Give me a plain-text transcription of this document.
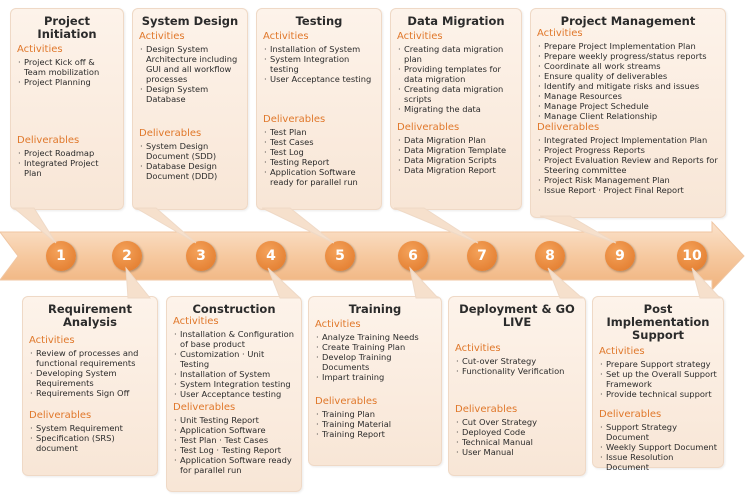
Project Initiation
Activities
· Project Kick off & Team mobilization
· Project Planning
Deliverables
· Project Roadmap
· Integrated Project Plan
System Design
Activities
· Design System Architecture including GUI and all workflow processes
· Design System Database
Deliverables
· System Design Document (SDD)
· Database Design Document (DDD)
Testing
Activities
· Installation of System
· System Integration testing
· User Acceptance testing
Deliverables
· Test Plan
· Test Cases
· Test Log
· Testing Report
· Application Software ready for parallel run
Data Migration
Activities
· Creating data migration plan
· Providing templates for data migration
· Creating data migration scripts
· Migrating the data
Deliverables
· Data Migration Plan
· Data Migration Template
· Data Migration Scripts
· Data Migration Report
Project Management
Activities
· Prepare Project Implementation Plan
· Prepare weekly progress/status reports
· Coordinate all work streams
· Ensure quality of deliverables
· Identify and mitigate risks and issues
· Manage Resources
· Manage Project Schedule
· Manage Client Relationship
Deliverables
· Integrated Project Implementation Plan
· Project Progress Reports
· Project Evaluation Review and Reports for Steering committee
· Project Risk Management Plan
· Issue Report · Project Final Report
1	2	3	4	5	6	7	8	9	10
Requirement Analysis
Activities
· Review of processes and functional requirements
· Developing System Requirements
· Requirements Sign Off
Deliverables
· System Requirement
· Specification (SRS) document
Construction
Activities
· Installation & Configuration of base product
· Customization · Unit Testing
· Installation of System
· System Integration testing
· User Acceptance testing
Deliverables
· Unit Testing Report
· Application Software
· Test Plan · Test Cases
· Test Log · Testing Report
· Application Software ready for parallel run
Training
Activities
· Analyze Training Needs
· Create Training Plan
· Develop Training Documents
· Impart training
Deliverables
· Training Plan
· Training Material
· Training Report
Deployment & GO LIVE
Activities
· Cut-over Strategy
· Functionality Verification
Deliverables
· Cut Over Strategy
· Deployed Code
· Technical Manual
· User Manual
Post Implementation Support
Activities
· Prepare Support strategy
· Set up the Overall Support Framework
· Provide technical support
Deliverables
· Support Strategy Document
· Weekly Support Document
· Issue Resolution Document
